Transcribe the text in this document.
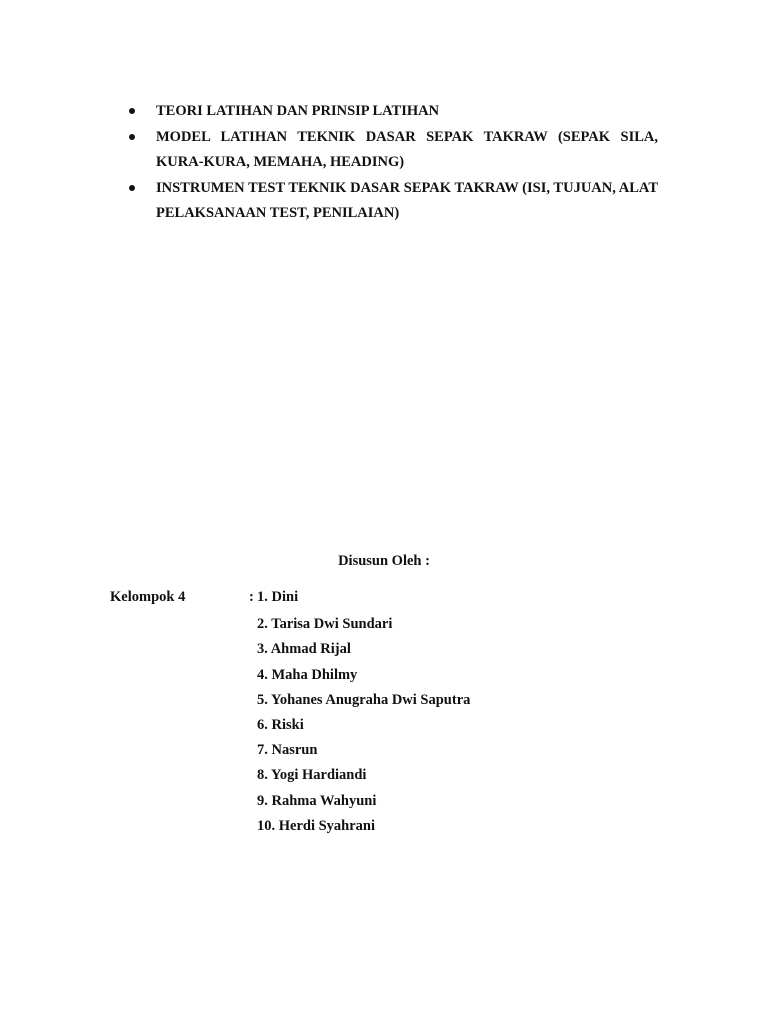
TEORI LATIHAN DAN PRINSIP LATIHAN
MODEL LATIHAN TEKNIK DASAR SEPAK TAKRAW (SEPAK SILA, KURA-KURA, MEMAHA, HEADING)
INSTRUMEN TEST TEKNIK DASAR SEPAK TAKRAW (ISI, TUJUAN, ALAT PELAKSANAAN TEST, PENILAIAN)
Disusun Oleh :
Kelompok 4	: 1. Dini
2. Tarisa Dwi Sundari
3. Ahmad Rijal
4. Maha Dhilmy
5. Yohanes Anugraha Dwi Saputra
6. Riski
7. Nasrun
8. Yogi Hardiandi
9. Rahma Wahyuni
10. Herdi Syahrani
